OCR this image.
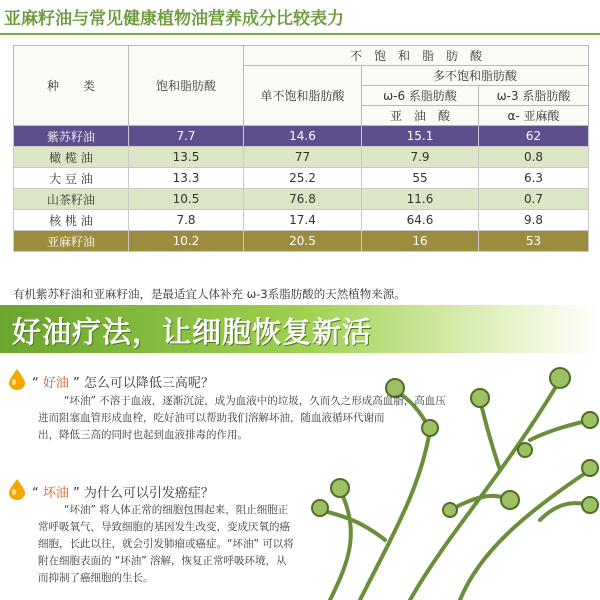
亚麻籽油与常见健康植物油营养成分比较表力
种　　类	饱和脂肪酸	不　饱　和　脂　肪　酸		
		单不饱和脂肪酸	多不饱和脂肪酸	
			ω-6 系脂肪酸	ω-3 系脂肪酸
			亚　油　酸	α- 亚麻酸
紫苏籽油	7.7	14.6	15.1	62
橄 榄 油	13.5	77	7.9	0.8
大 豆 油	13.3	25.2	55	6.3
山茶籽油	10.5	76.8	11.6	0.7
核 桃 油	7.8	17.4	64.6	9.8
亚麻籽油	10.2	20.5	16	53
有机紫苏籽油和亚麻籽油，是最适宜人体补充 ω-3系脂肪酸的天然植物来源。
好油疗法，让细胞恢复新活
“ 好油 ” 怎么可以降低三高呢？
“坏油” 不溶于血液，逐渐沉淀，成为血液中的垃圾，久而久之形成高血脂，高血压
进而阻塞血管形成血栓，吃好油可以帮助我们溶解坏油，随血液循环代谢而
出，降低三高的同时也起到血液排毒的作用。
“ 坏油 ” 为什么可以引发癌症？
“坏油” 将人体正常的细胞包围起来，阻止细胞正
常呼吸氧气，导致细胞的基因发生改变，变成厌氧的癌
细胞，长此以往，就会引发肺瘤或癌症。“坏油” 可以将
附在细胞表面的 “坏油” 溶解，恢复正常呼吸环境，从
而抑制了癌细胞的生长。
